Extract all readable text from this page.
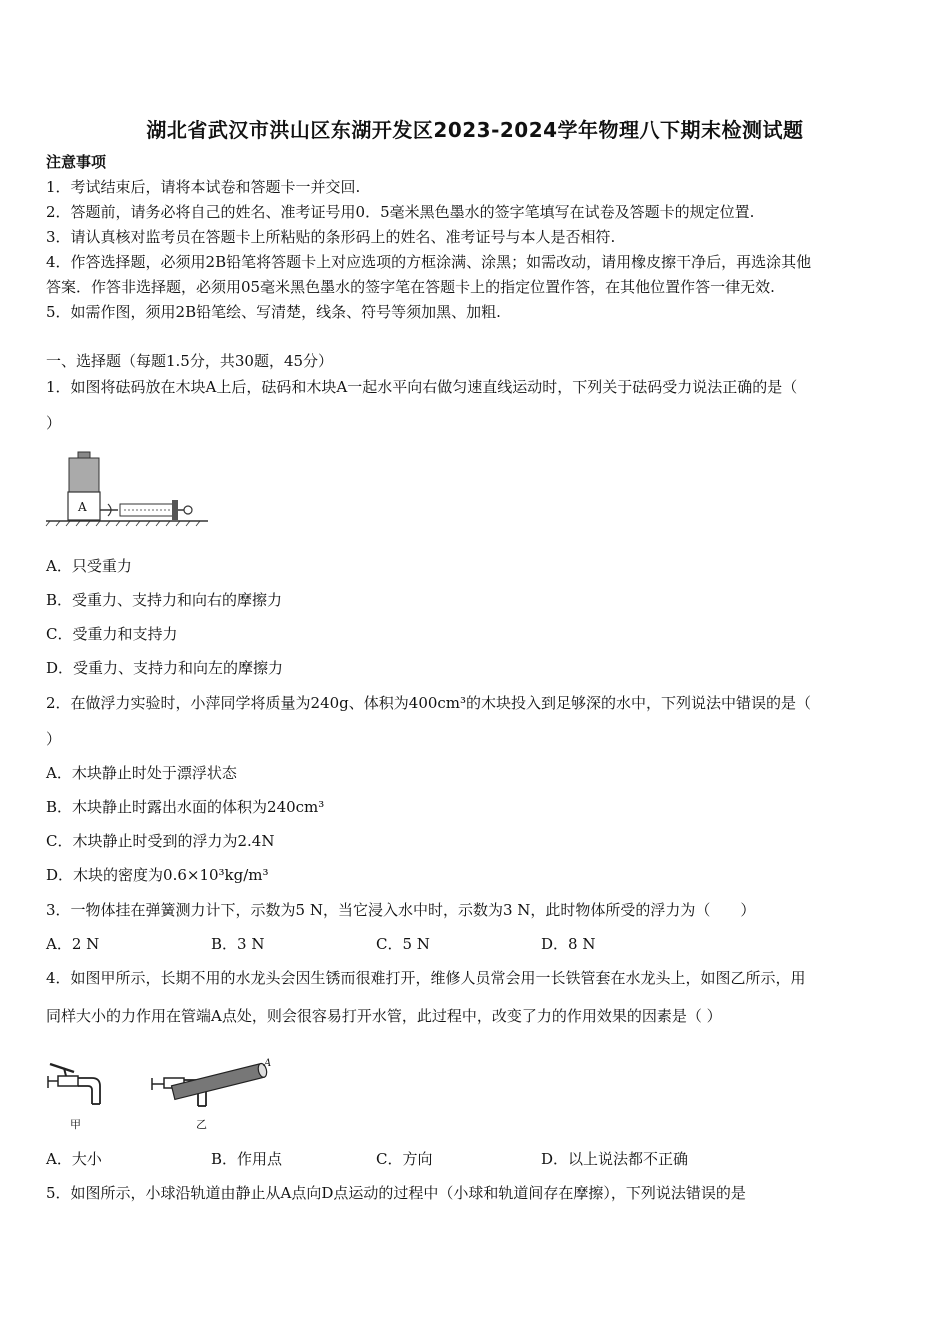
湖北省武汉市洪山区东湖开发区2023-2024学年物理八下期末检测试题
注意事项
1．考试结束后，请将本试卷和答题卡一并交回.
2．答题前，请务必将自己的姓名、准考证号用0．5毫米黑色墨水的签字笔填写在试卷及答题卡的规定位置.
3．请认真核对监考员在答题卡上所粘贴的条形码上的姓名、准考证号与本人是否相符.
4．作答选择题，必须用2B铅笔将答题卡上对应选项的方框涂满、涂黑；如需改动，请用橡皮擦干净后，再选涂其他
答案．作答非选择题，必须用05毫米黑色墨水的签字笔在答题卡上的指定位置作答，在其他位置作答一律无效.
5．如需作图，须用2B铅笔绘、写清楚，线条、符号等须加黑、加粗.
一、选择题（每题1.5分，共30题，45分）
1．如图将砝码放在木块A上后，砝码和木块A一起水平向右做匀速直线运动时，下列关于砝码受力说法正确的是（
）
A
A．只受重力
B．受重力、支持力和向右的摩擦力
C．受重力和支持力
D．受重力、支持力和向左的摩擦力
2．在做浮力实验时，小萍同学将质量为240g、体积为400cm³的木块投入到足够深的水中，下列说法中错误的是（
）
A．木块静止时处于漂浮状态
B．木块静止时露出水面的体积为240cm³
C．木块静止时受到的浮力为2.4N
D．木块的密度为0.6×10³kg/m³
3．一物体挂在弹簧测力计下，示数为5 N，当它浸入水中时，示数为3 N，此时物体所受的浮力为（　　）
A．2 N	B．3 N	C．5 N	D．8 N
4．如图甲所示，长期不用的水龙头会因生锈而很难打开，维修人员常会用一长铁管套在水龙头上，如图乙所示，用
同样大小的力作用在管端A点处，则会很容易打开水管，此过程中，改变了力的作用效果的因素是（ ）
甲
A
乙
A．大小	B．作用点	C．方向	D．以上说法都不正确
5．如图所示，小球沿轨道由静止从A点向D点运动的过程中（小球和轨道间存在摩擦），下列说法错误的是
